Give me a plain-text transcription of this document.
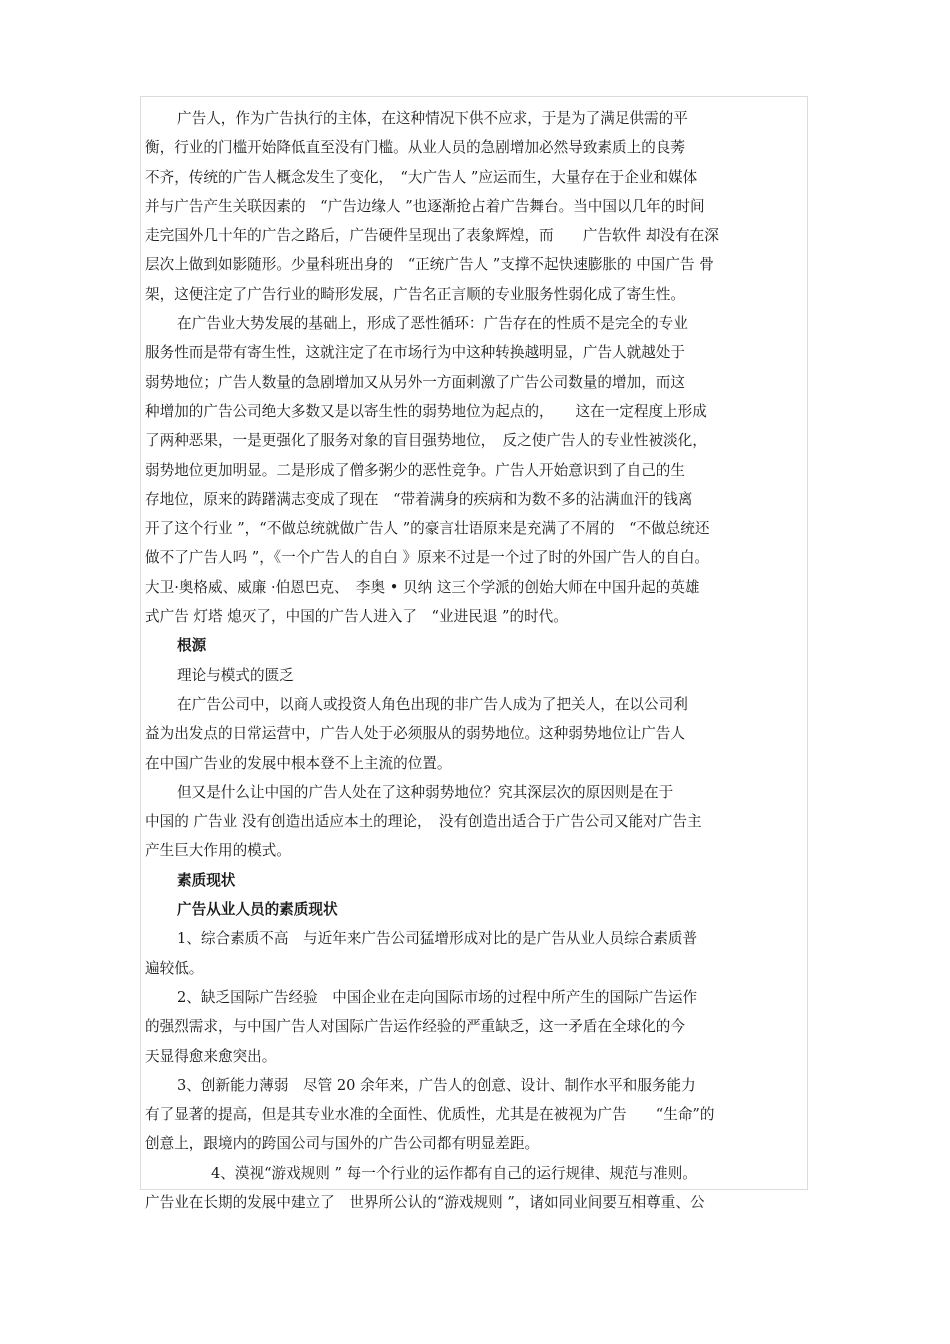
广告人，作为广告执行的主体，在这种情况下供不应求，于是为了满足供需的平
衡，行业的门槛开始降低直至没有门槛。从业人员的急剧增加必然导致素质上的良莠
不齐，传统的广告人概念发生了变化，　“大广告人 ”应运而生，大量存在于企业和媒体
并与广告产生关联因素的　“广告边缘人 ”也逐渐抢占着广告舞台。当中国以几年的时间
走完国外几十年的广告之路后，广告硬件呈现出了表象辉煌，而　　广告软件 却没有在深
层次上做到如影随形。少量科班出身的　“正统广告人 ”支撑不起快速膨胀的 中国广告 骨
架，这便注定了广告行业的畸形发展，广告名正言顺的专业服务性弱化成了寄生性。
在广告业大势发展的基础上，形成了恶性循环：广告存在的性质不是完全的专业
服务性而是带有寄生性，这就注定了在市场行为中这种转换越明显，广告人就越处于
弱势地位；广告人数量的急剧增加又从另外一方面刺激了广告公司数量的增加，而这
种增加的广告公司绝大多数又是以寄生性的弱势地位为起点的，　　这在一定程度上形成
了两种恶果，一是更强化了服务对象的盲目强势地位，　反之使广告人的专业性被淡化，
弱势地位更加明显。二是形成了僧多粥少的恶性竞争。广告人开始意识到了自己的生
存地位，原来的踌躇满志变成了现在　“带着满身的疾病和为数不多的沾满血汗的钱离
开了这个行业 ”，“不做总统就做广告人 ”的豪言壮语原来是充满了不屑的　“不做总统还
做不了广告人吗 ”，《一个广告人的自白 》原来不过是一个过了时的外国广告人的自白。
大卫·奥格威、威廉 ·伯恩巴克、　李奥 • 贝纳 这三个学派的创始大师在中国升起的英雄
式广告 灯塔 熄灭了，中国的广告人进入了　“业进民退 ”的时代。
根源
理论与模式的匮乏
在广告公司中，以商人或投资人角色出现的非广告人成为了把关人，在以公司利
益为出发点的日常运营中，广告人处于必须服从的弱势地位。这种弱势地位让广告人
在中国广告业的发展中根本登不上主流的位置。
但又是什么让中国的广告人处在了这种弱势地位？究其深层次的原因则是在于
中国的 广告业 没有创造出适应本土的理论，　没有创造出适合于广告公司又能对广告主
产生巨大作用的模式。
素质现状
广告从业人员的素质现状
1、综合素质不高　与近年来广告公司猛增形成对比的是广告从业人员综合素质普
遍较低。
2、缺乏国际广告经验　中国企业在走向国际市场的过程中所产生的国际广告运作
的强烈需求，与中国广告人对国际广告运作经验的严重缺乏，这一矛盾在全球化的今
天显得愈来愈突出。
3、创新能力薄弱　尽管 20 余年来，广告人的创意、设计、制作水平和服务能力
有了显著的提高，但是其专业水准的全面性、优质性，尤其是在被视为广告　　“生命”的
创意上，跟境内的跨国公司与国外的广告公司都有明显差距。
4、漠视“游戏规则 ” 每一个行业的运作都有自己的运行规律、规范与准则。
广告业在长期的发展中建立了　世界所公认的“游戏规则 ”，诸如同业间要互相尊重、公
